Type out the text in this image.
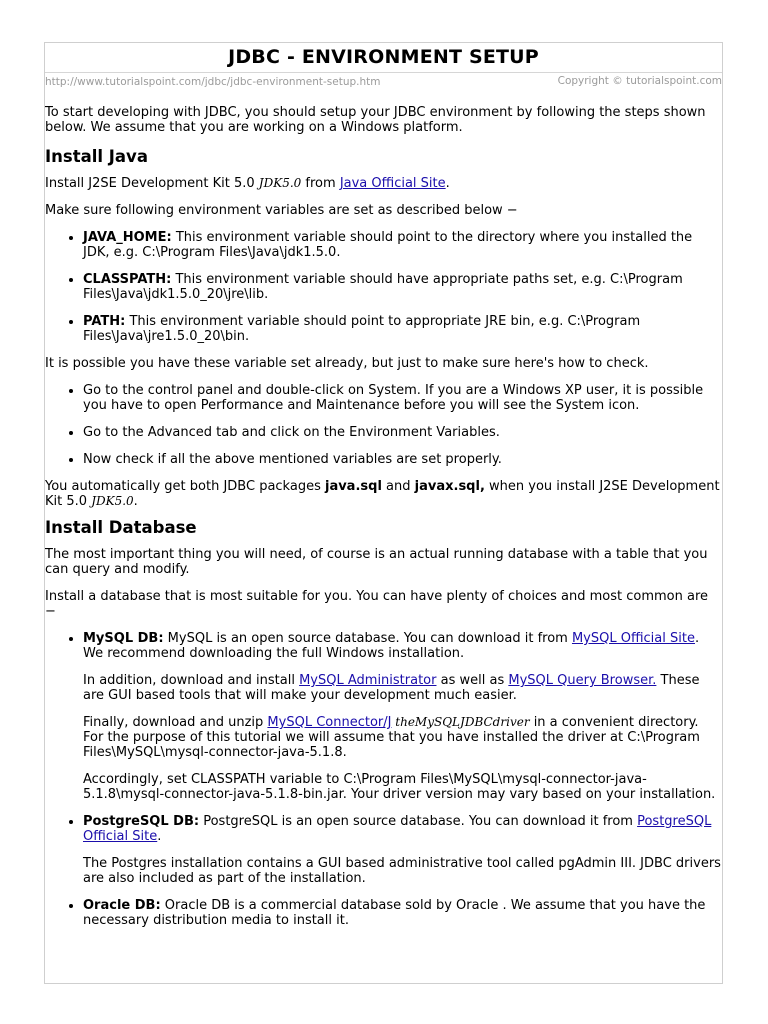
JDBC - ENVIRONMENT SETUP
http://www.tutorialspoint.com/jdbc/jdbc-environment-setup.htm	Copyright © tutorialspoint.com

To start developing with JDBC, you should setup your JDBC environment by following the steps shown below. We assume that you are working on a Windows platform.

Install Java

Install J2SE Development Kit 5.0 JDK5.0 from Java Official Site.

Make sure following environment variables are set as described below −

• JAVA_HOME: This environment variable should point to the directory where you installed the JDK, e.g. C:\Program Files\Java\jdk1.5.0.
• CLASSPATH: This environment variable should have appropriate paths set, e.g. C:\Program Files\Java\jdk1.5.0_20\jre\lib.
• PATH: This environment variable should point to appropriate JRE bin, e.g. C:\Program Files\Java\jre1.5.0_20\bin.

It is possible you have these variable set already, but just to make sure here's how to check.

• Go to the control panel and double-click on System. If you are a Windows XP user, it is possible you have to open Performance and Maintenance before you will see the System icon.
• Go to the Advanced tab and click on the Environment Variables.
• Now check if all the above mentioned variables are set properly.

You automatically get both JDBC packages java.sql and javax.sql, when you install J2SE Development Kit 5.0 JDK5.0.

Install Database

The most important thing you will need, of course is an actual running database with a table that you can query and modify.

Install a database that is most suitable for you. You can have plenty of choices and most common are −

• MySQL DB: MySQL is an open source database. You can download it from MySQL Official Site. We recommend downloading the full Windows installation.

In addition, download and install MySQL Administrator as well as MySQL Query Browser. These are GUI based tools that will make your development much easier.

Finally, download and unzip MySQL Connector/J theMySQLJDBCdriver in a convenient directory. For the purpose of this tutorial we will assume that you have installed the driver at C:\Program Files\MySQL\mysql-connector-java-5.1.8.

Accordingly, set CLASSPATH variable to C:\Program Files\MySQL\mysql-connector-java-5.1.8\mysql-connector-java-5.1.8-bin.jar. Your driver version may vary based on your installation.

• PostgreSQL DB: PostgreSQL is an open source database. You can download it from PostgreSQL Official Site.

The Postgres installation contains a GUI based administrative tool called pgAdmin III. JDBC drivers are also included as part of the installation.

• Oracle DB: Oracle DB is a commercial database sold by Oracle . We assume that you have the necessary distribution media to install it.
